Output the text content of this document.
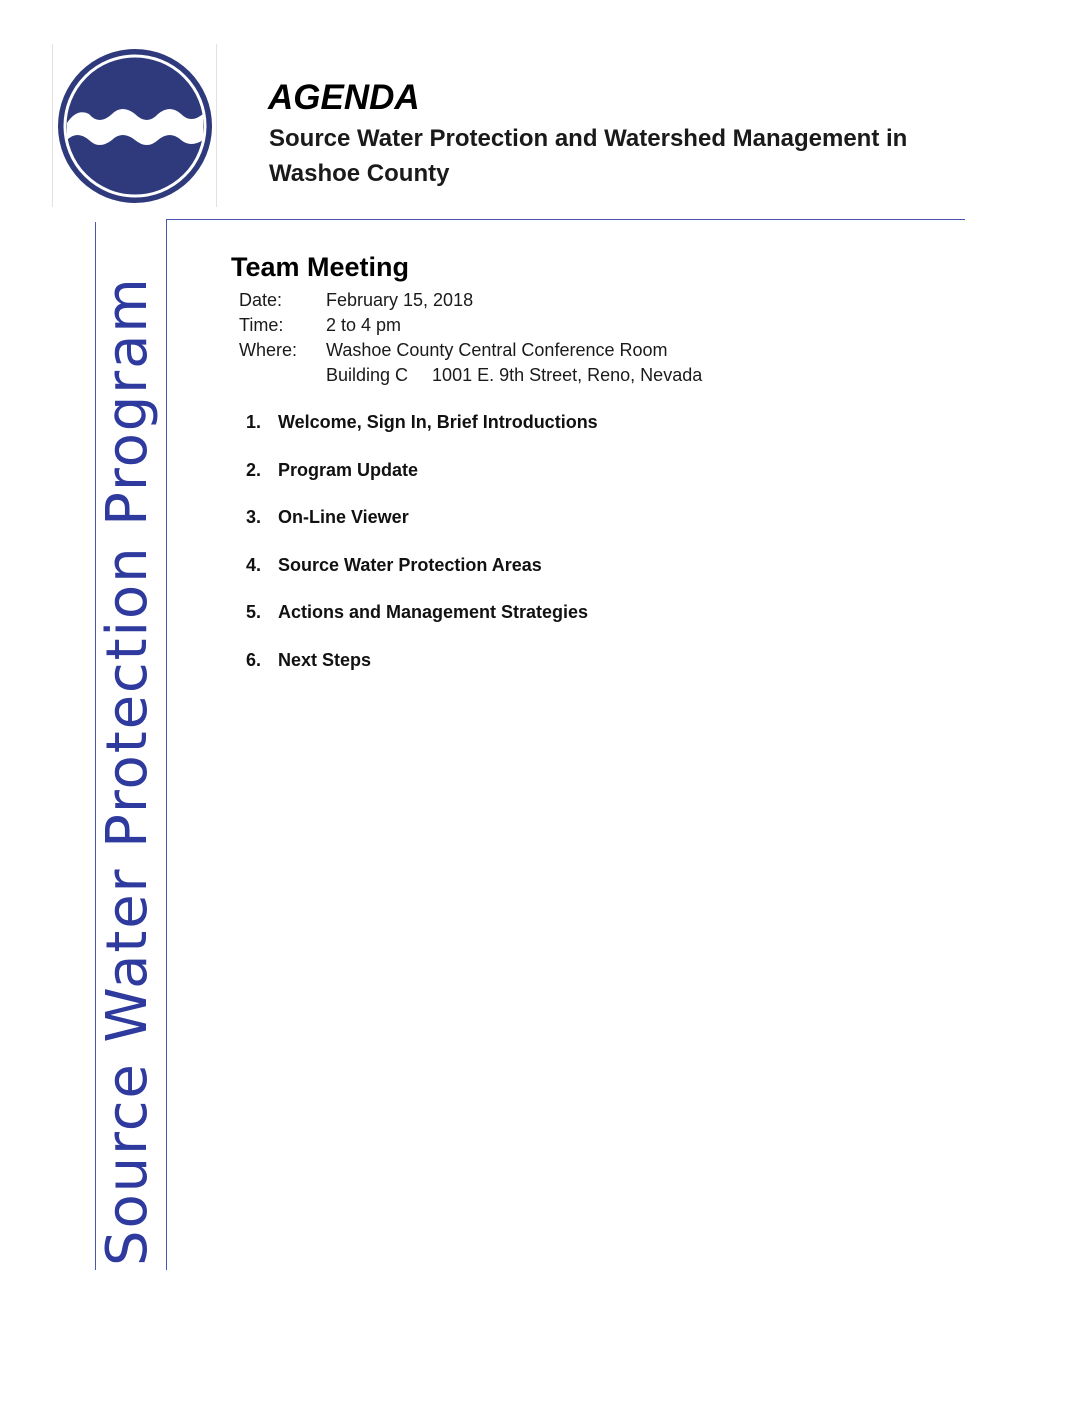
AGENDA
Source Water Protection and Watershed Management in
Washoe County
Source Water Protection Program
Team Meeting
Date: February 15, 2018
Time: 2 to 4 pm
Where: Washoe County Central Conference Room
Building C 1001 E. 9th Street, Reno, Nevada
1. Welcome, Sign In, Brief Introductions
2. Program Update
3. On-Line Viewer
4. Source Water Protection Areas
5. Actions and Management Strategies
6. Next Steps
